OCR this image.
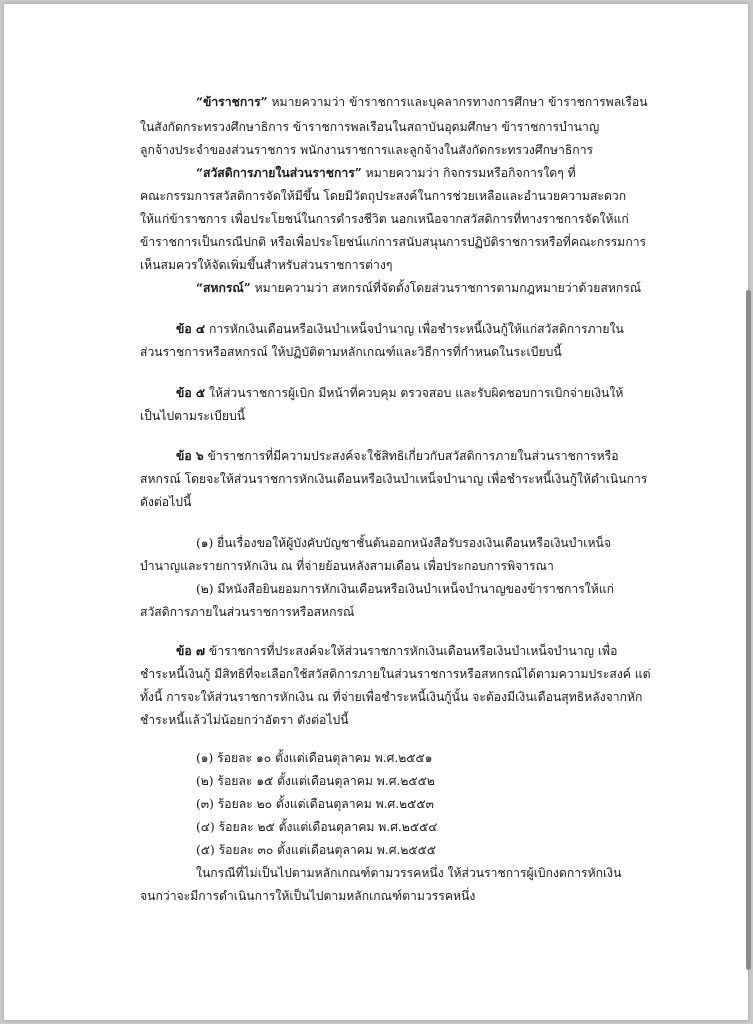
“ข้าราชการ” หมายความว่า ข้าราชการและบุคลากรทางการศึกษา ข้าราชการพลเรือน
ในสังกัดกระทรวงศึกษาธิการ ข้าราชการพลเรือนในสถาบันอุดมศึกษา ข้าราชการบำนาญ
ลูกจ้างประจำของส่วนราชการ พนักงานราชการและลูกจ้างในสังกัดกระทรวงศึกษาธิการ
“สวัสดิการภายในส่วนราชการ” หมายความว่า กิจกรรมหรือกิจการใดๆ ที่
คณะกรรมการสวัสดิการจัดให้มีขึ้น โดยมีวัตถุประสงค์ในการช่วยเหลือและอำนวยความสะดวก
ให้แก่ข้าราชการ เพื่อประโยชน์ในการดำรงชีวิต นอกเหนือจากสวัสดิการที่ทางราชการจัดให้แก่
ข้าราชการเป็นกรณีปกติ หรือเพื่อประโยชน์แก่การสนับสนุนการปฏิบัติราชการหรือที่คณะกรรมการ
เห็นสมควรให้จัดเพิ่มขึ้นสำหรับส่วนราชการต่างๆ
“สหกรณ์” หมายความว่า สหกรณ์ที่จัดตั้งโดยส่วนราชการตามกฎหมายว่าด้วยสหกรณ์
ข้อ ๔ การหักเงินเดือนหรือเงินบำเหน็จบำนาญ เพื่อชำระหนี้เงินกู้ให้แก่สวัสดิการภายใน
ส่วนราชการหรือสหกรณ์ ให้ปฏิบัติตามหลักเกณฑ์และวิธีการที่กำหนดในระเบียบนี้
ข้อ ๕ ให้ส่วนราชการผู้เบิก มีหน้าที่ควบคุม ตรวจสอบ และรับผิดชอบการเบิกจ่ายเงินให้
เป็นไปตามระเบียบนี้
ข้อ ๖ ข้าราชการที่มีความประสงค์จะใช้สิทธิเกี่ยวกับสวัสดิการภายในส่วนราชการหรือ
สหกรณ์ โดยจะให้ส่วนราชการหักเงินเดือนหรือเงินบำเหน็จบำนาญ เพื่อชำระหนี้เงินกู้ให้ดำเนินการ
ดังต่อไปนี้
(๑) ยื่นเรื่องขอให้ผู้บังคับบัญชาชั้นต้นออกหนังสือรับรองเงินเดือนหรือเงินบำเหน็จ
บำนาญและรายการหักเงิน ณ ที่จ่ายย้อนหลังสามเดือน เพื่อประกอบการพิจารณา
(๒) มีหนังสือยินยอมการหักเงินเดือนหรือเงินบำเหน็จบำนาญของข้าราชการให้แก่
สวัสดิการภายในส่วนราชการหรือสหกรณ์
ข้อ ๗ ข้าราชการที่ประสงค์จะให้ส่วนราชการหักเงินเดือนหรือเงินบำเหน็จบำนาญ เพื่อ
ชำระหนี้เงินกู้ มีสิทธิที่จะเลือกใช้สวัสดิการภายในส่วนราชการหรือสหกรณ์ได้ตามความประสงค์ แต่
ทั้งนี้ การจะให้ส่วนราชการหักเงิน ณ ที่จ่ายเพื่อชำระหนี้เงินกู้นั้น จะต้องมีเงินเดือนสุทธิหลังจากหัก
ชำระหนี้แล้วไม่น้อยกว่าอัตรา ดังต่อไปนี้
(๑) ร้อยละ ๑๐ ตั้งแต่เดือนตุลาคม พ.ศ.๒๕๕๑
(๒) ร้อยละ ๑๕ ตั้งแต่เดือนตุลาคม พ.ศ.๒๕๕๒
(๓) ร้อยละ ๒๐ ตั้งแต่เดือนตุลาคม พ.ศ.๒๕๕๓
(๔) ร้อยละ ๒๕ ตั้งแต่เดือนตุลาคม พ.ศ.๒๕๕๔
(๕) ร้อยละ ๓๐ ตั้งแต่เดือนตุลาคม พ.ศ.๒๕๕๕
ในกรณีที่ไม่เป็นไปตามหลักเกณฑ์ตามวรรคหนึ่ง ให้ส่วนราชการผู้เบิกงดการหักเงิน
จนกว่าจะมีการดำเนินการให้เป็นไปตามหลักเกณฑ์ตามวรรคหนึ่ง
